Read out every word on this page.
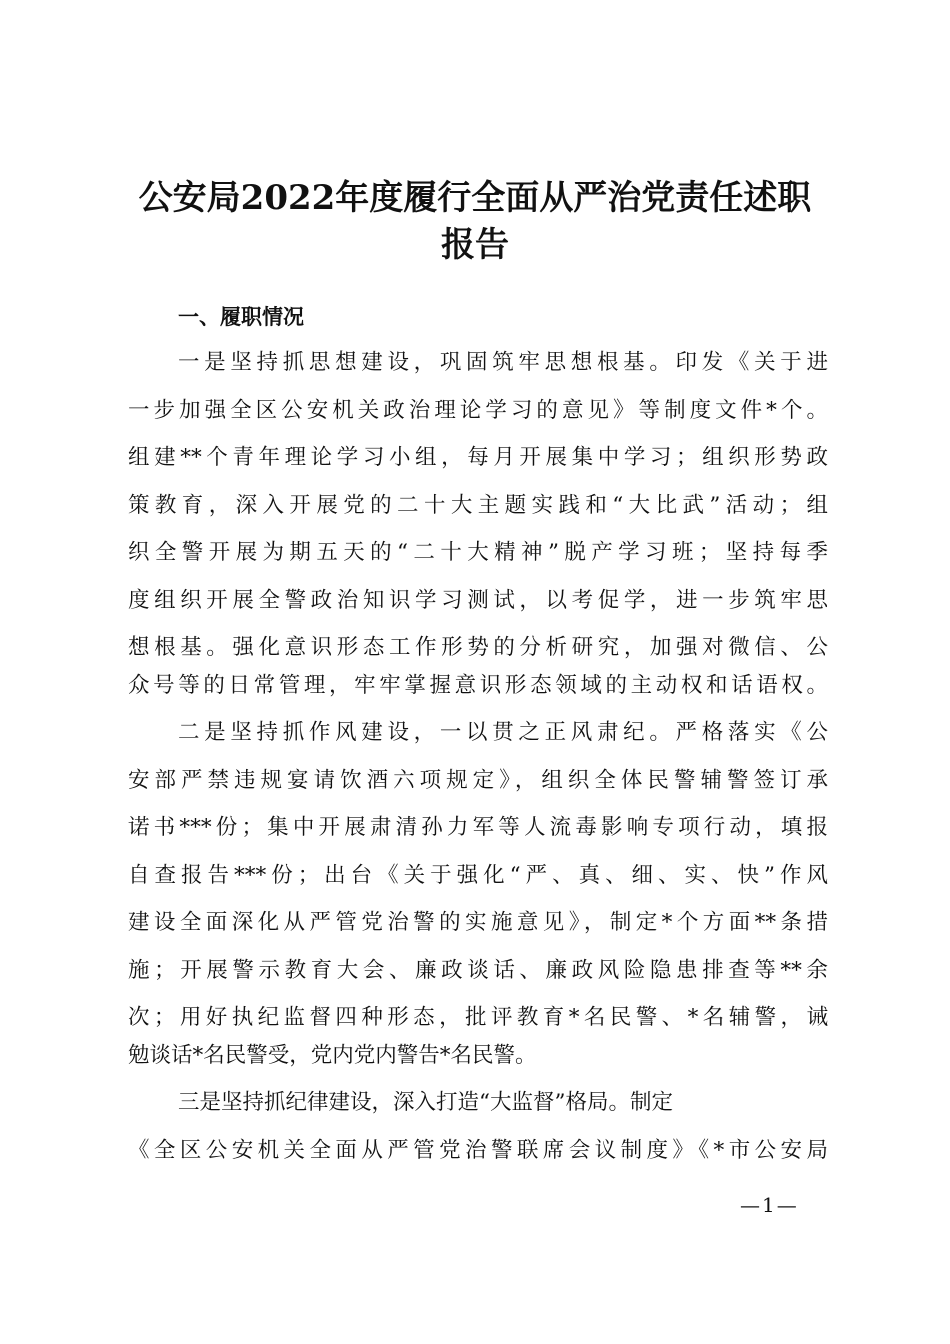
公安局2022年度履行全面从严治党责任述职
报告
一、履职情况
一是坚持抓思想建设，巩固筑牢思想根基。印发《关于进
一步加强全区公安机关政治理论学习的意见》等制度文件*个。
组建**个青年理论学习小组，每月开展集中学习；组织形势政
策教育，深入开展党的二十大主题实践和“大比武”活动；组
织全警开展为期五天的“二十大精神”脱产学习班；坚持每季
度组织开展全警政治知识学习测试，以考促学，进一步筑牢思
想根基。强化意识形态工作形势的分析研究，加强对微信、公
众号等的日常管理，牢牢掌握意识形态领域的主动权和话语权。
二是坚持抓作风建设，一以贯之正风肃纪。严格落实《公
安部严禁违规宴请饮酒六项规定》，组织全体民警辅警签订承
诺书***份；集中开展肃清孙力军等人流毒影响专项行动，填报
自查报告***份；出台《关于强化“严、真、细、实、快”作风
建设全面深化从严管党治警的实施意见》，制定*个方面**条措
施；开展警示教育大会、廉政谈话、廉政风险隐患排查等**余
次；用好执纪监督四种形态，批评教育*名民警、*名辅警，诫
勉谈话*名民警受，党内党内警告*名民警。
三是坚持抓纪律建设，深入打造“大监督”格局。制定
《全区公安机关全面从严管党治警联席会议制度》《*市公安局
—1—
